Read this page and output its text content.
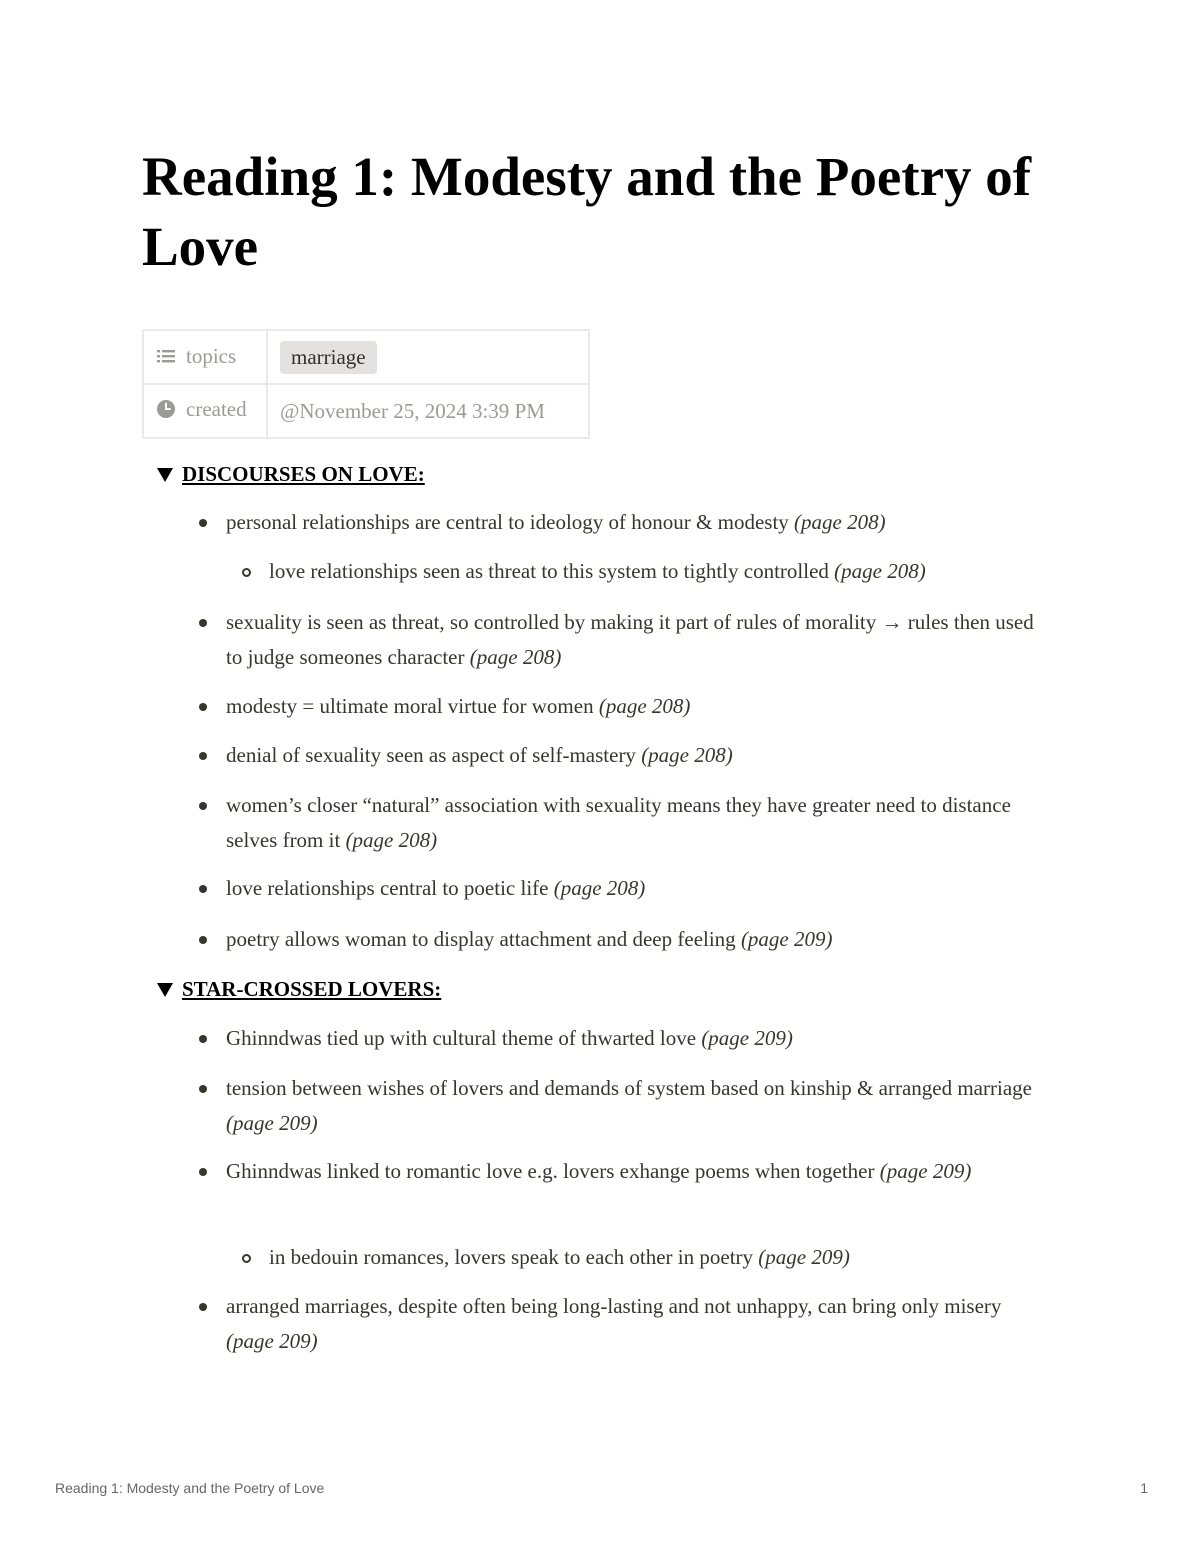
Reading 1: Modesty and the Poetry of Love
topics	marriage
created	@November 25, 2024 3:39 PM
DISCOURSES ON LOVE:
personal relationships are central to ideology of honour & modesty (page 208)
love relationships seen as threat to this system to tightly controlled (page 208)
sexuality is seen as threat, so controlled by making it part of rules of morality → rules then used to judge someones character (page 208)
modesty = ultimate moral virtue for women (page 208)
denial of sexuality seen as aspect of self-mastery (page 208)
women’s closer “natural” association with sexuality means they have greater need to distance selves from it (page 208)
love relationships central to poetic life (page 208)
poetry allows woman to display attachment and deep feeling (page 209)
STAR-CROSSED LOVERS:
Ghinndwas tied up with cultural theme of thwarted love (page 209)
tension between wishes of lovers and demands of system based on kinship & arranged marriage (page 209)
Ghinndwas linked to romantic love e.g. lovers exhange poems when together (page 209)
in bedouin romances, lovers speak to each other in poetry (page 209)
arranged marriages, despite often being long-lasting and not unhappy, can bring only misery (page 209)
Reading 1: Modesty and the Poetry of Love	1
